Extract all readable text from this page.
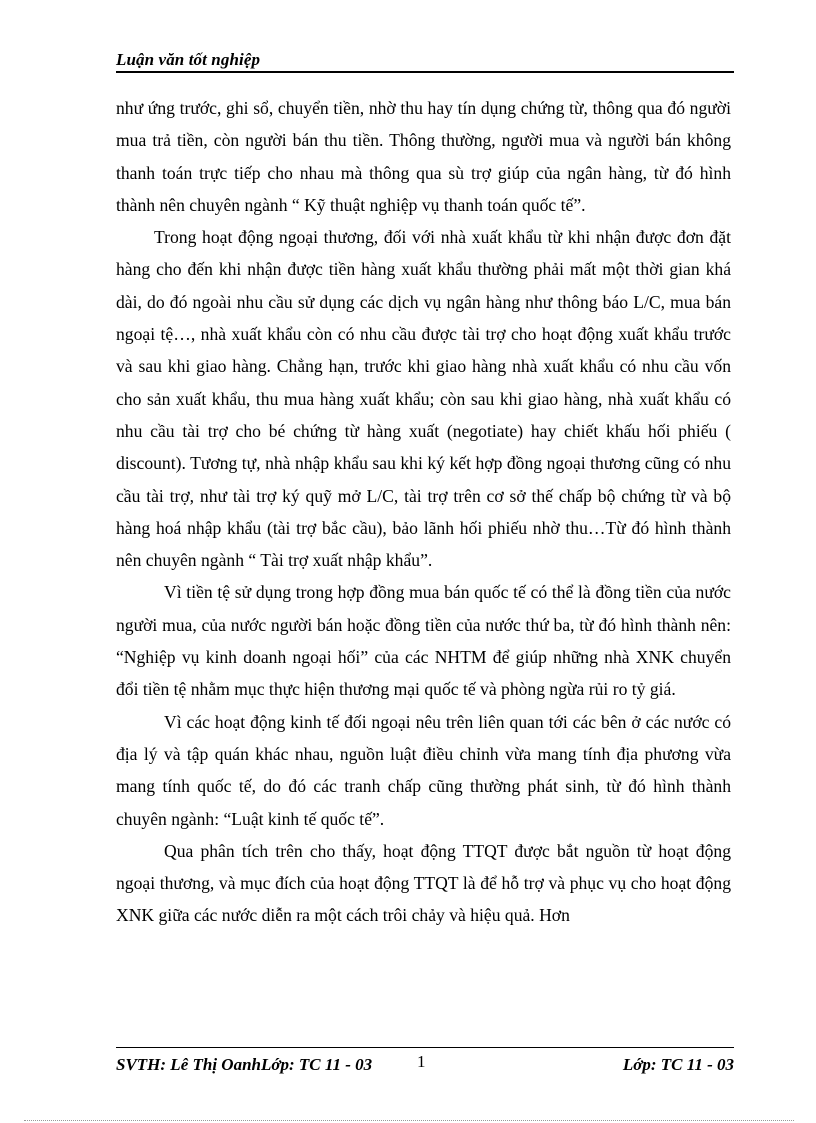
Luận văn tốt nghiệp

như ứng trước, ghi sổ, chuyển tiền, nhờ thu hay tín dụng chứng từ, thông qua đó người mua trả tiền, còn người bán thu tiền. Thông thường, người mua và người bán không thanh toán trực tiếp cho nhau mà thông qua sù trợ giúp của ngân hàng, từ đó hình thành nên chuyên ngành “ Kỹ thuật nghiệp vụ thanh toán quốc tế”.

Trong hoạt động ngoại thương, đối với nhà xuất khẩu từ khi nhận được đơn đặt hàng cho đến khi nhận được tiền hàng xuất khẩu thường phải mất một thời gian khá dài, do đó ngoài nhu cầu sử dụng các dịch vụ ngân hàng như thông báo L/C, mua bán ngoại tệ…, nhà xuất khẩu còn có nhu cầu được tài trợ cho hoạt động xuất khẩu trước và sau khi giao hàng. Chẳng hạn, trước khi giao hàng nhà xuất khẩu có nhu cầu vốn cho sản xuất khẩu, thu mua hàng xuất khẩu; còn sau khi giao hàng, nhà xuất khẩu có nhu cầu tài trợ cho bé chứng từ hàng xuất (negotiate) hay chiết khấu hối phiếu ( discount). Tương tự, nhà nhập khẩu sau khi ký kết hợp đồng ngoại thương cũng có nhu cầu tài trợ, như tài trợ ký quỹ mở L/C, tài trợ trên cơ sở thế chấp bộ chứng từ và bộ hàng hoá nhập khẩu (tài trợ bắc cầu), bảo lãnh hối phiếu nhờ thu…Từ đó hình thành nên chuyên ngành “ Tài trợ xuất nhập khẩu”.

Vì tiền tệ sử dụng trong hợp đồng mua bán quốc tế có thể là đồng tiền của nước người mua, của nước người bán hoặc đồng tiền của nước thứ ba, từ đó hình thành nên: “Nghiệp vụ kinh doanh ngoại hối” của các NHTM để giúp những nhà XNK chuyển đổi tiền tệ nhằm mục thực hiện thương mại quốc tế và phòng ngừa rủi ro tỷ giá.

Vì các hoạt động kinh tế đối ngoại nêu trên liên quan tới các bên ở các nước có địa lý và tập quán khác nhau, nguồn luật điều chỉnh vừa mang tính địa phương vừa mang tính quốc tế, do đó các tranh chấp cũng thường phát sinh, từ đó hình thành chuyên ngành: “Luật kinh tế quốc tế”.

Qua phân tích trên cho thấy, hoạt động TTQT được bắt nguồn từ hoạt động ngoại thương, và mục đích của hoạt động TTQT là để hỗ trợ và phục vụ cho hoạt động XNK giữa các nước diễn ra một cách trôi chảy và hiệu quả. Hơn

SVTH: Lê Thị OanhLớp: TC 11 - 03	1	Lớp: TC 11 - 03
